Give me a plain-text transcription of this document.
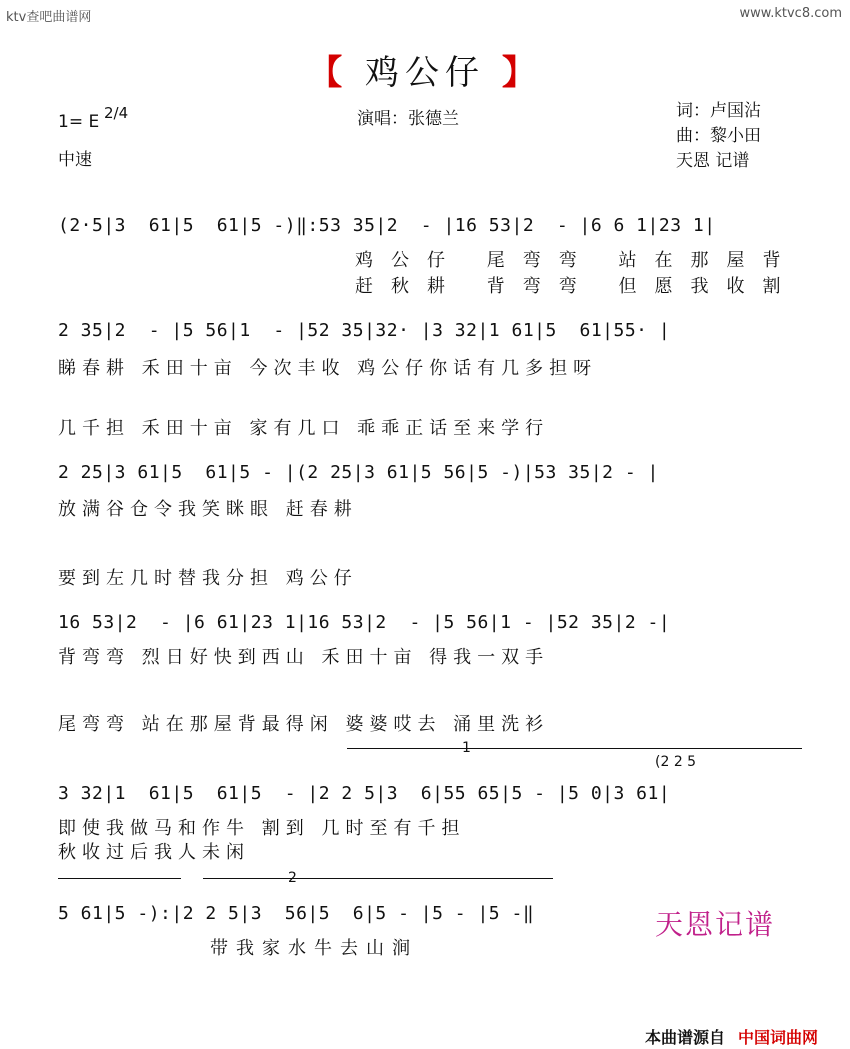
ktv查吧曲谱网	www.ktvc8.com
【 鸡公仔 】
1= E 2/4
中速
演唱：张德兰	词：卢国沾
曲：黎小田
天恩 记谱
(2·5|3  61|5  61|5 -)‖:53 35|2  - |16 53|2  - |6 6 1|23 1|
鸡公仔 尾弯弯 站在那屋背
赶秋耕 背弯弯 但愿我收割
2 35|2  - |5 56|1  - |52 35|32· |3 32|1 61|5  61|55· |
睇春耕 禾田十亩 今次丰收 鸡公仔你话有几多担呀
几千担 禾田十亩 家有几口 乖乖正话至来学行
2 25|3 61|5  61|5 - |(2 25|3 61|5 56|5 -)|53 35|2 - |
放满谷仓令我笑眯眼 赶春耕
要到左几时替我分担 鸡公仔
16 53|2  - |6 61|23 1|16 53|2  - |5 56|1 - |52 35|2 -|
背弯弯 烈日好快到西山 禾田十亩 得我一双手
尾弯弯 站在那屋背最得闲 婆婆哎去 涌里洗衫
1
(2 2 5
3 32|1  61|5  61|5  - |2 2 5|3  6|55 65|5 - |5 0|3 61|
即使我做马和作牛 割到 几时至有千担
秋收过后我人未闲
2
5 61|5 -):|2 2 5|3  56|5  6|5 - |5 - |5 -‖
带我家水牛去山涧
天恩记谱
本曲谱源自 中国词曲网
